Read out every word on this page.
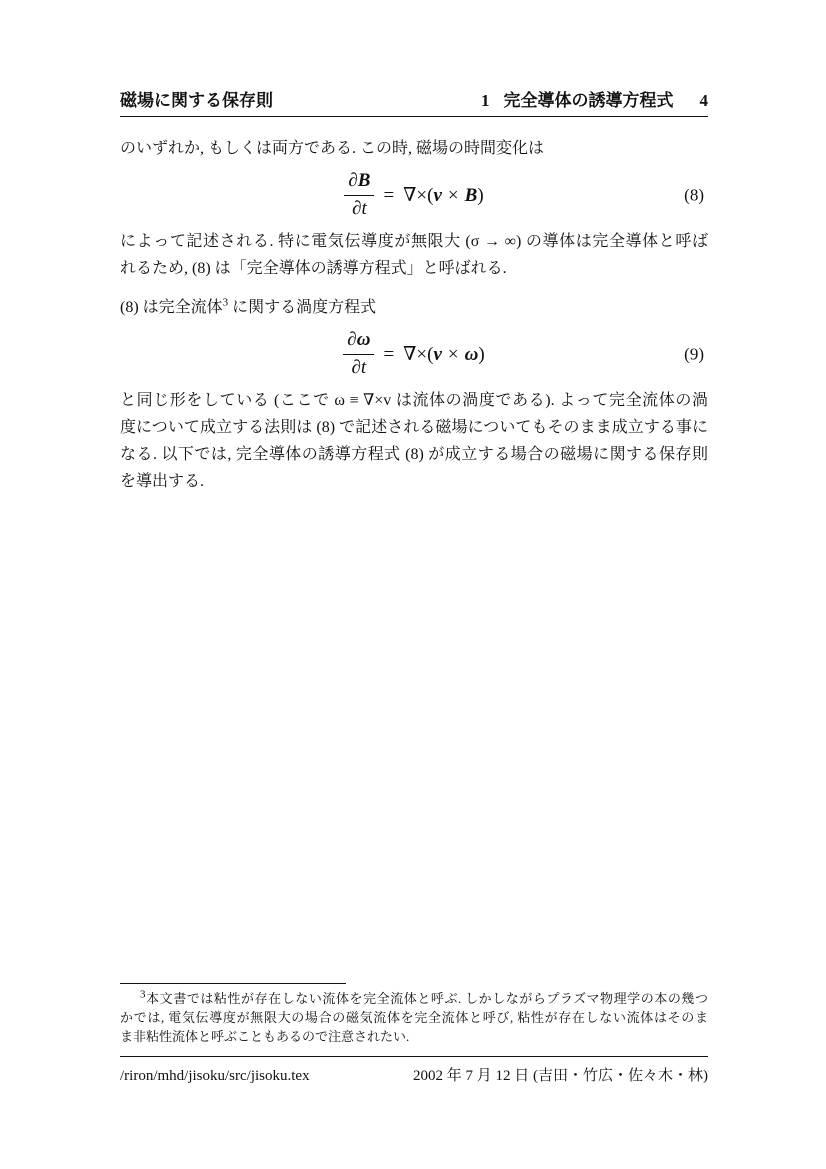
磁場に関する保存則	1 完全導体の誘導方程式 4
のいずれか, もしくは両方である. この時, 磁場の時間変化は
$\frac{\partial B}{\partial t}$ = ∇×( v × B )	(8)
によって記述される. 特に電気伝導度が無限大 (σ → ∞) の導体は完全導体と呼ば
れるため, (8) は「完全導体の誘導方程式」と呼ばれる.
(8) は完全流体$^3$ に関する渦度方程式
$\frac{\partial\omega}{\partial t}$ = ∇×( v × ω )	(9)
と同じ形をしている (ここで ω ≡ ∇×v は流体の渦度である). よって完全流体の渦
度について成立する法則は (8) で記述される磁場についてもそのまま成立する事に
なる. 以下では, 完全導体の誘導方程式 (8) が成立する場合の磁場に関する保存則
を導出する.
$^3$本文書では粘性が存在しない流体を完全流体と呼ぶ. しかしながらプラズマ物理学の本の幾つ
かでは, 電気伝導度が無限大の場合の磁気流体を完全流体と呼び, 粘性が存在しない流体はそのま
ま非粘性流体と呼ぶこともあるので注意されたい.
/riron/mhd/jisoku/src/jisoku.tex	2002 年 7 月 12 日 (吉田・竹広・佐々木・林)
